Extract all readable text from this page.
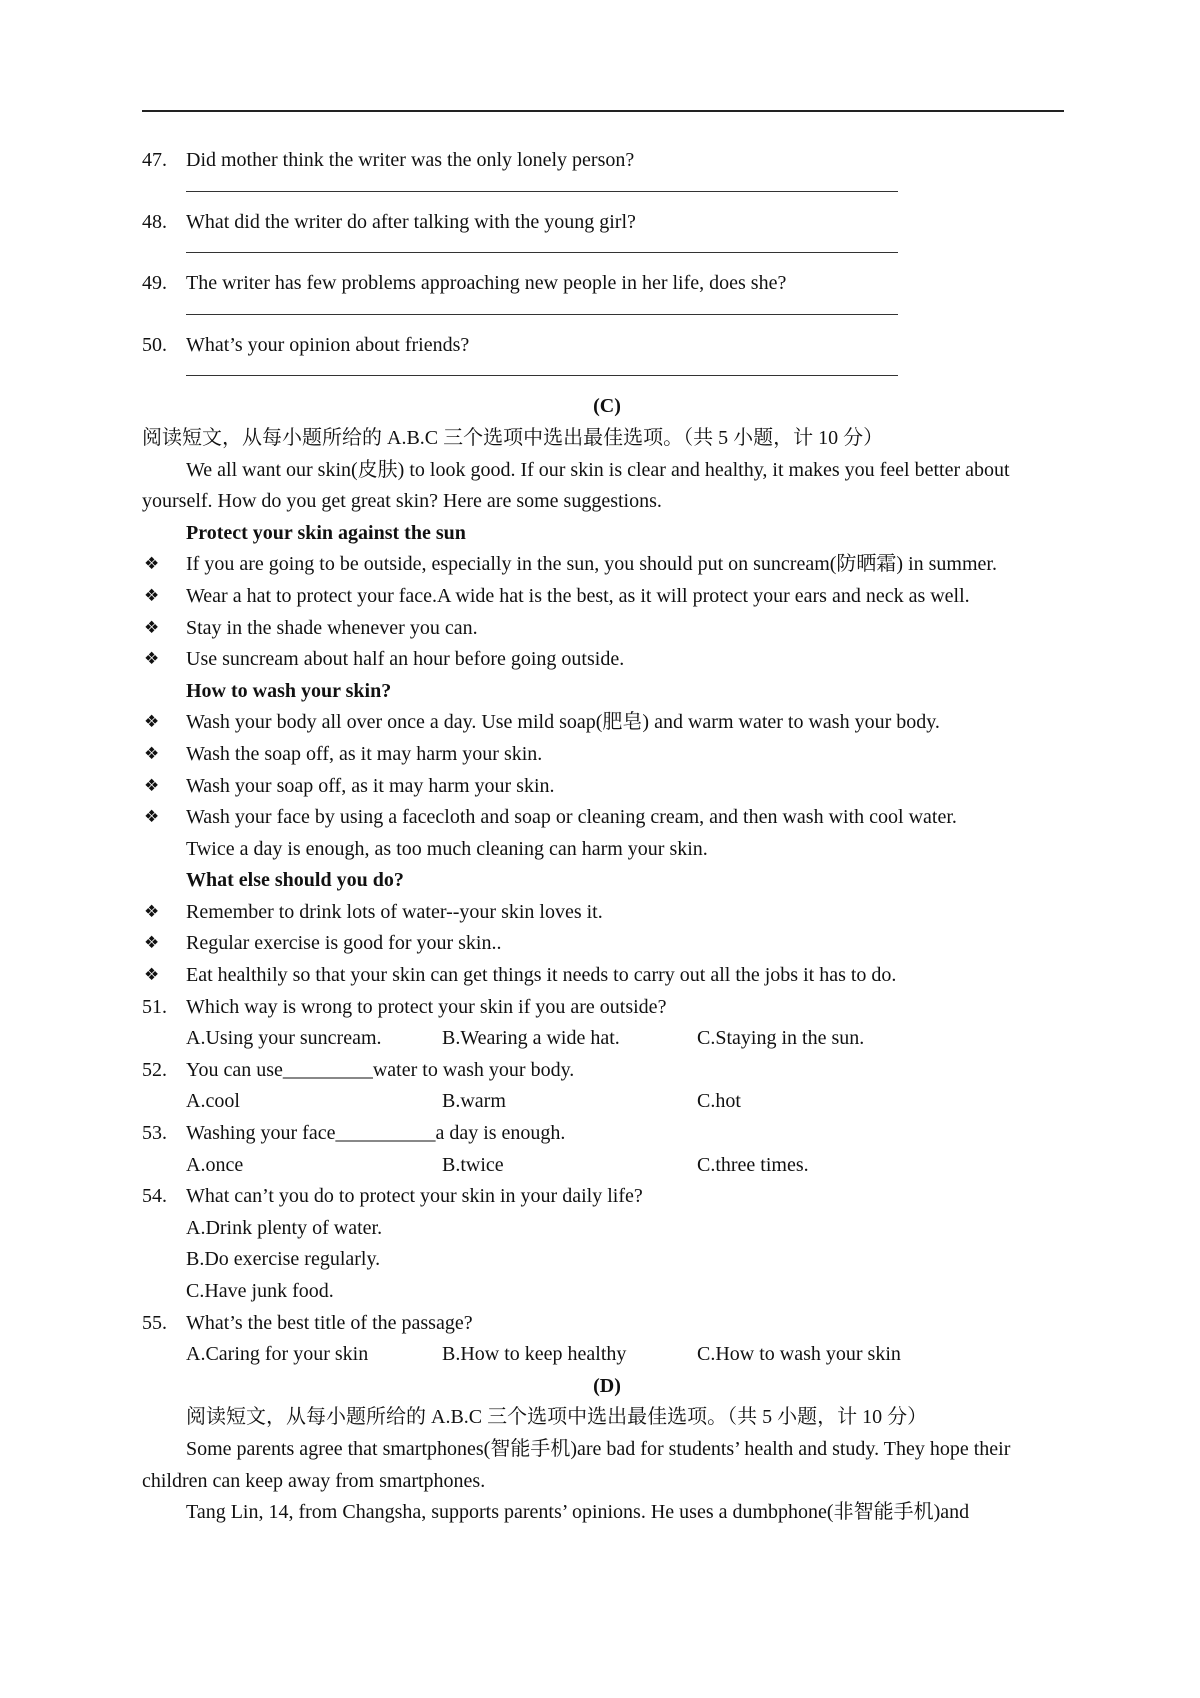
47. Did mother think the writer was the only lonely person?
48. What did the writer do after talking with the young girl?
49. The writer has few problems approaching new people in her life, does she?
50. What’s your opinion about friends?
(C)
阅读短文，从每小题所给的 A.B.C 三个选项中选出最佳选项。（共 5 小题，计 10 分）
We all want our skin(皮肤) to look good. If our skin is clear and healthy, it makes you feel better about yourself. How do you get great skin? Here are some suggestions.
Protect your skin against the sun
❖ If you are going to be outside, especially in the sun, you should put on suncream(防晒霜) in summer.
❖ Wear a hat to protect your face.A wide hat is the best, as it will protect your ears and neck as well.
❖ Stay in the shade whenever you can.
❖ Use suncream about half an hour before going outside.
How to wash your skin?
❖ Wash your body all over once a day. Use mild soap(肥皂) and warm water to wash your body.
❖ Wash the soap off, as it may harm your skin.
❖ Wash your soap off, as it may harm your skin.
❖ Wash your face by using a facecloth and soap or cleaning cream, and then wash with cool water.
Twice a day is enough, as too much cleaning can harm your skin.
What else should you do?
❖ Remember to drink lots of water--your skin loves it.
❖ Regular exercise is good for your skin..
❖ Eat healthily so that your skin can get things it needs to carry out all the jobs it has to do.
51. Which way is wrong to protect your skin if you are outside?
A.Using your suncream.	B.Wearing a wide hat.	C.Staying in the sun.
52. You can use_________water to wash your body.
A.cool	B.warm	C.hot
53. Washing your face__________a day is enough.
A.once	B.twice	C.three times.
54. What can’t you do to protect your skin in your daily life?
A.Drink plenty of water.
B.Do exercise regularly.
C.Have junk food.
55. What’s the best title of the passage?
A.Caring for your skin	B.How to keep healthy	C.How to wash your skin
(D)
阅读短文，从每小题所给的 A.B.C 三个选项中选出最佳选项。（共 5 小题，计 10 分）
Some parents agree that smartphones(智能手机)are bad for students’ health and study. They hope their children can keep away from smartphones.
Tang Lin, 14, from Changsha, supports parents’ opinions. He uses a dumbphone(非智能手机)and
